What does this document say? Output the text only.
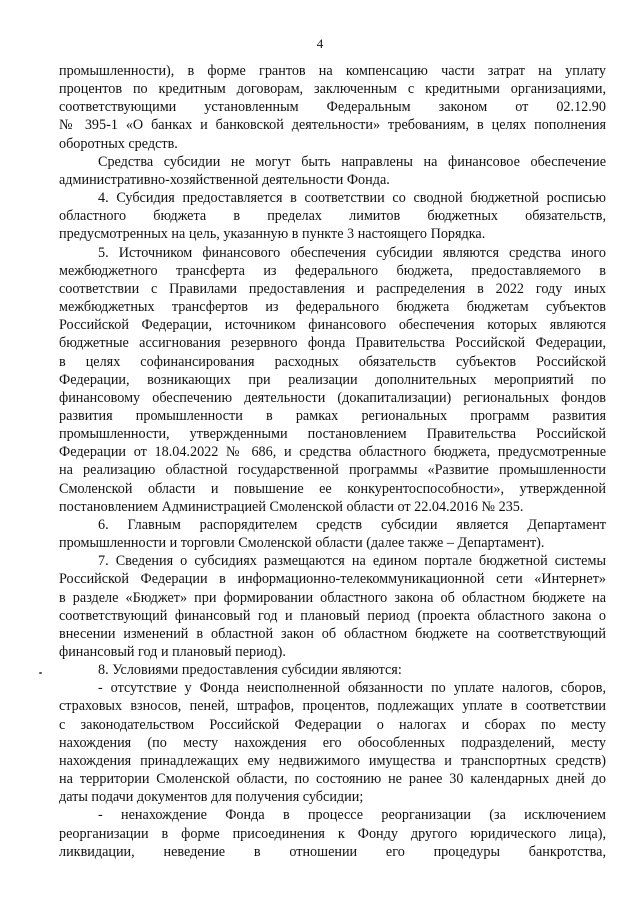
4
промышленности), в форме грантов на компенсацию части затрат на уплату
процентов по кредитным договорам, заключенным с кредитными организациями,
соответствующими установленным Федеральным законом от 02.12.90
№ 395-1 «О банках и банковской деятельности» требованиям, в целях пополнения
оборотных средств.
Средства субсидии не могут быть направлены на финансовое обеспечение
административно-хозяйственной деятельности Фонда.
4. Субсидия предоставляется в соответствии со сводной бюджетной росписью
областного бюджета в пределах лимитов бюджетных обязательств,
предусмотренных на цель, указанную в пункте 3 настоящего Порядка.
5. Источником финансового обеспечения субсидии являются средства иного
межбюджетного трансферта из федерального бюджета, предоставляемого в
соответствии с Правилами предоставления и распределения в 2022 году иных
межбюджетных трансфертов из федерального бюджета бюджетам субъектов
Российской Федерации, источником финансового обеспечения которых являются
бюджетные ассигнования резервного фонда Правительства Российской Федерации,
в целях софинансирования расходных обязательств субъектов Российской
Федерации, возникающих при реализации дополнительных мероприятий по
финансовому обеспечению деятельности (докапитализации) региональных фондов
развития промышленности в рамках региональных программ развития
промышленности, утвержденными постановлением Правительства Российской
Федерации от 18.04.2022 № 686, и средства областного бюджета, предусмотренные
на реализацию областной государственной программы «Развитие промышленности
Смоленской области и повышение ее конкурентоспособности», утвержденной
постановлением Администрацией Смоленской области от 22.04.2016 № 235.
6. Главным распорядителем средств субсидии является Департамент
промышленности и торговли Смоленской области (далее также – Департамент).
7. Сведения о субсидиях размещаются на едином портале бюджетной системы
Российской Федерации в информационно-телекоммуникационной сети «Интернет»
в разделе «Бюджет» при формировании областного закона об областном бюджете на
соответствующий финансовый год и плановый период (проекта областного закона о
внесении изменений в областной закон об областном бюджете на соответствующий
финансовый год и плановый период).
8. Условиями предоставления субсидии являются:
- отсутствие у Фонда неисполненной обязанности по уплате налогов, сборов,
страховых взносов, пеней, штрафов, процентов, подлежащих уплате в соответствии
с законодательством Российской Федерации о налогах и сборах по месту
нахождения (по месту нахождения его обособленных подразделений, месту
нахождения принадлежащих ему недвижимого имущества и транспортных средств)
на территории Смоленской области, по состоянию не ранее 30 календарных дней до
даты подачи документов для получения субсидии;
- ненахождение Фонда в процессе реорганизации (за исключением
реорганизации в форме присоединения к Фонду другого юридического лица),
ликвидации, неведение в отношении его процедуры банкротства,
